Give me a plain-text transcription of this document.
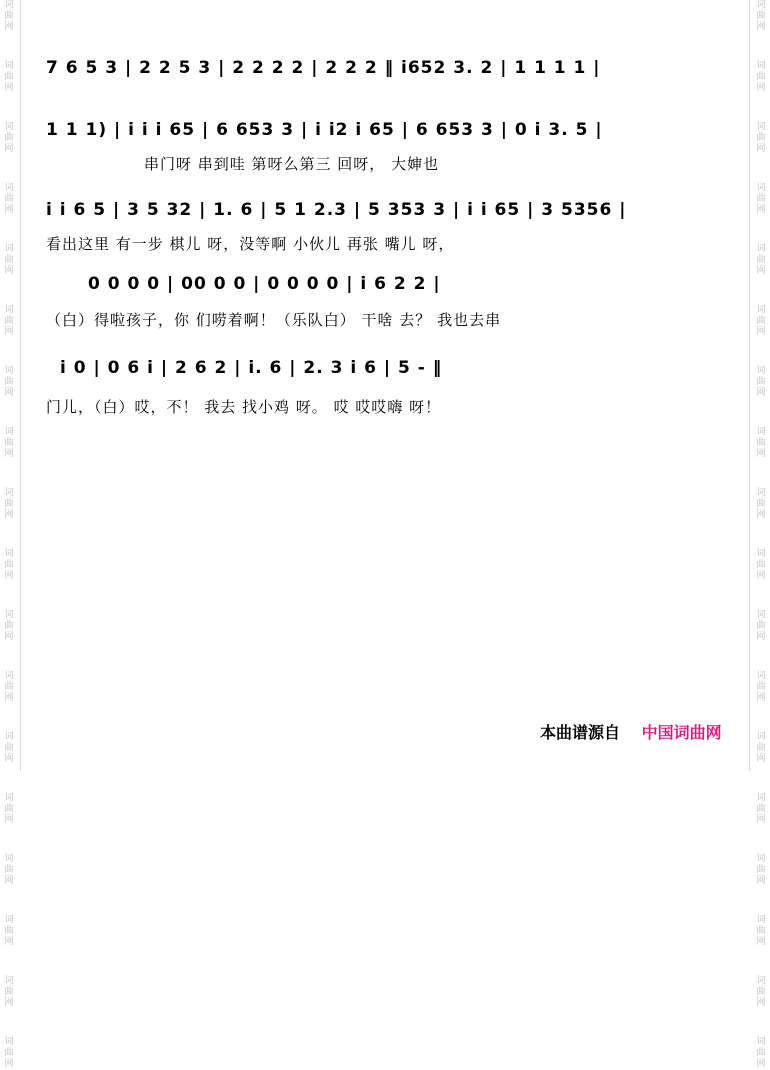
词
曲
网
词
曲
网
词
曲
网
词
曲
网
词
曲
网
词
曲
网
词
曲
网
词
曲
网
词
曲
网
词
曲
网
词
曲
网
词
曲
网
词
曲
网
词
曲
网
词
曲
网
词
曲
网
词
曲
网
词
曲
网
词
曲
网
词
曲
网
词
曲
网
词
曲
网
词
曲
网
词
曲
网
词
曲
网
词
曲
网
词
曲
网
词
曲
网
词
曲
网
词
曲
网
词
曲
网
词
曲
网
词
曲
网
词
曲
网
词
曲
网
词
曲
网
7 6 5 3 | 2 2 5 3 | 2 2 2 2 | 2 2 2 ‖ i652 3. 2 | 1 1 1 1 |
1 1 1) | i i i 65 | 6 653 3 | i i2 i 65 | 6 653 3 | 0 i 3. 5 |
串门呀 串到哇 第呀么第三 回呀， 大婶也
i i 6 5 | 3 5 32 | 1. 6 | 5 1 2.3 | 5 353 3 | i i 65 | 3 5356 |
看出这里 有一步 棋儿 呀，没等啊 小伙儿 再张 嘴儿 呀，
0 0 0 0 | 00 0 0 | 0 0 0 0 | i 6 2 2 |
（白）得啦孩子，你 们唠着啊！（乐队白） 干啥 去？ 我也去串
i 0 | 0 6 i | 2 6 2 | i. 6 | 2. 3 i 6 | 5 - ‖
门儿，（白）哎，不！ 我去 找小鸡 呀。 哎 哎哎嗨 呀！
本曲谱源自 中国词曲网
